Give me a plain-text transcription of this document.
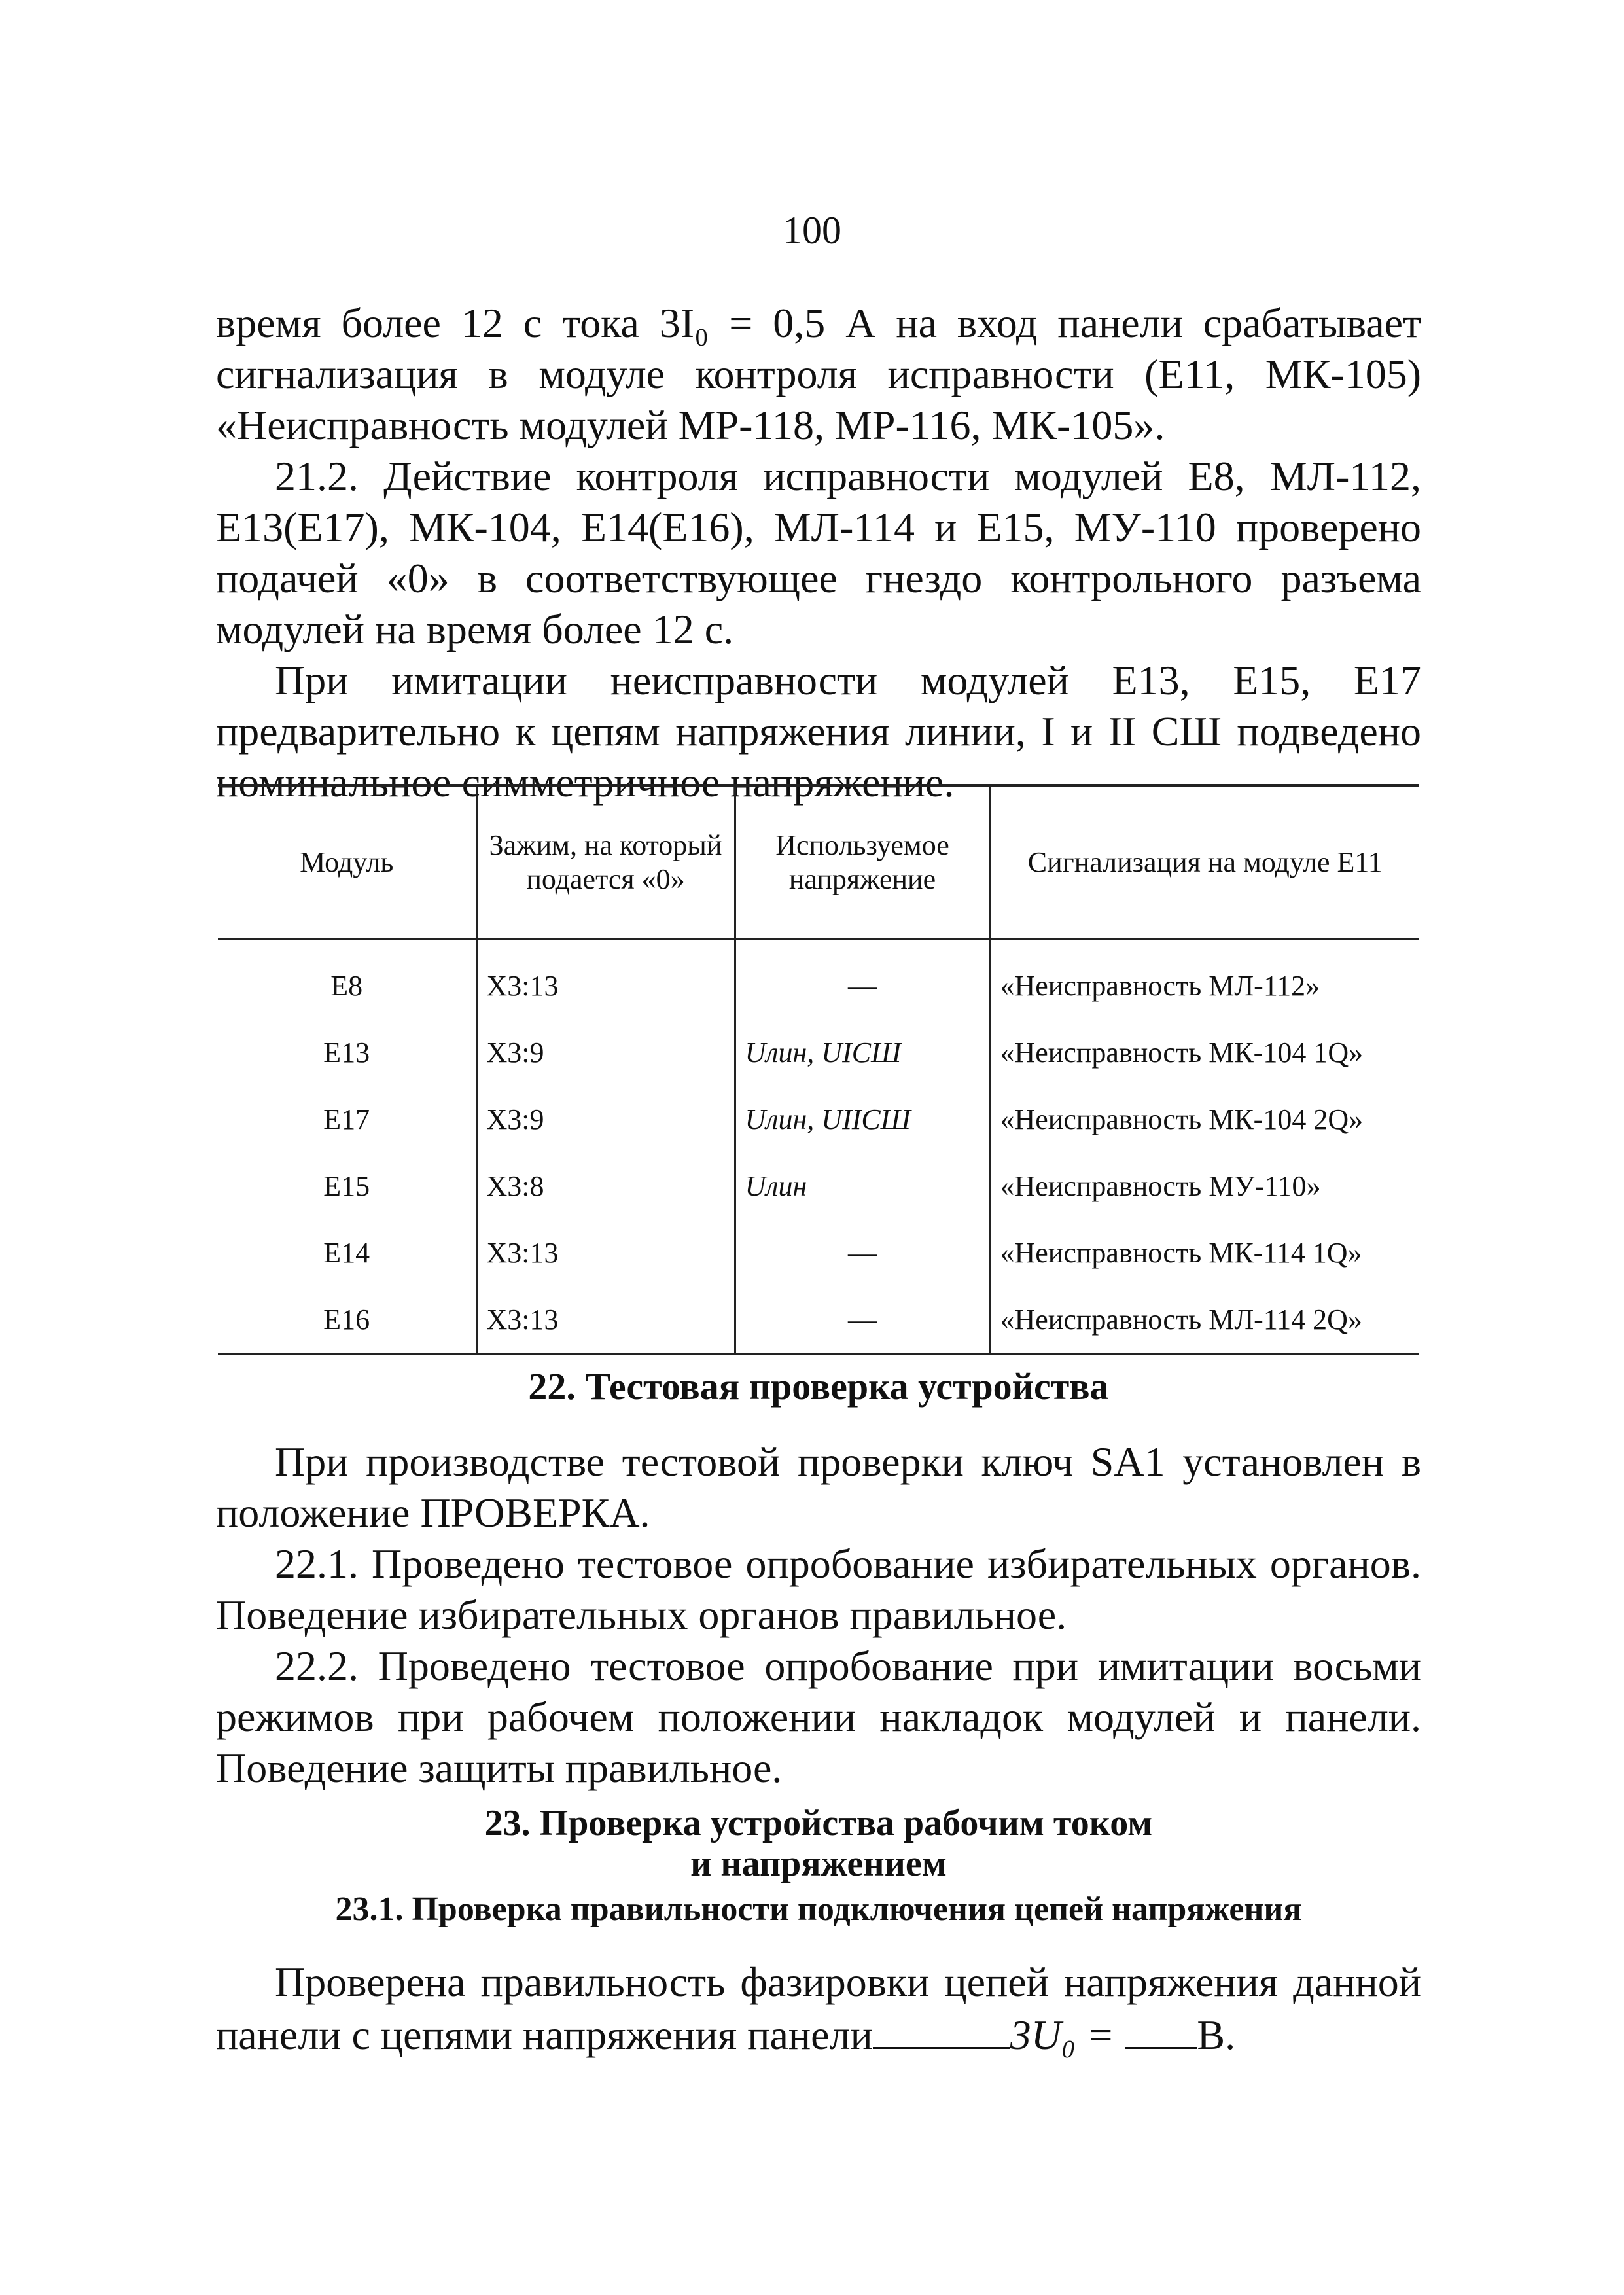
100

время более 12 с тока 3I₀ = 0,5 А на вход панели срабатывает сигнализация в модуле контроля исправности (Е11, МК-105) «Неисправность модулей МР-118, МР-116, МК-105».

21.2. Действие контроля исправности модулей Е8, МЛ-112, Е13(Е17), МК-104, Е14(Е16), МЛ-114 и Е15, МУ-110 проверено подачей «0» в соответствующее гнездо контрольного разъема модулей на время более 12 с.

При имитации неисправности модулей Е13, Е15, Е17 предварительно к цепям напряжения линии, I и II СШ подведено номинальное симметричное напряжение.

Модуль	Зажим, на который подается «0»	Используемое напряжение	Сигнализация на модуле Е11
Е8	Х3:13	—	«Неисправность МЛ-112»
Е13	Х3:9	Uлин, UIСШ	«Неисправность МК-104 1Q»
Е17	Х3:9	Uлин, UIIСШ	«Неисправность МК-104 2Q»
Е15	Х3:8	Uлин	«Неисправность МУ-110»
Е14	Х3:13	—	«Неисправность МК-114 1Q»
Е16	Х3:13	—	«Неисправность МЛ-114 2Q»
22. Тестовая проверка устройства

При производстве тестовой проверки ключ SA1 установлен в положение ПРОВЕРКА.

22.1. Проведено тестовое опробование избирательных органов. Поведение избирательных органов правильное.

22.2. Проведено тестовое опробование при имитации восьми режимов при рабочем положении накладок модулей и панели. Поведение защиты правильное.

23. Проверка устройства рабочим током
и напряжением
23.1. Проверка правильности подключения цепей напряжения

Проверена правильность фазировки цепей напряжения данной панели с цепями напряжения панели	3U₀ = В.
